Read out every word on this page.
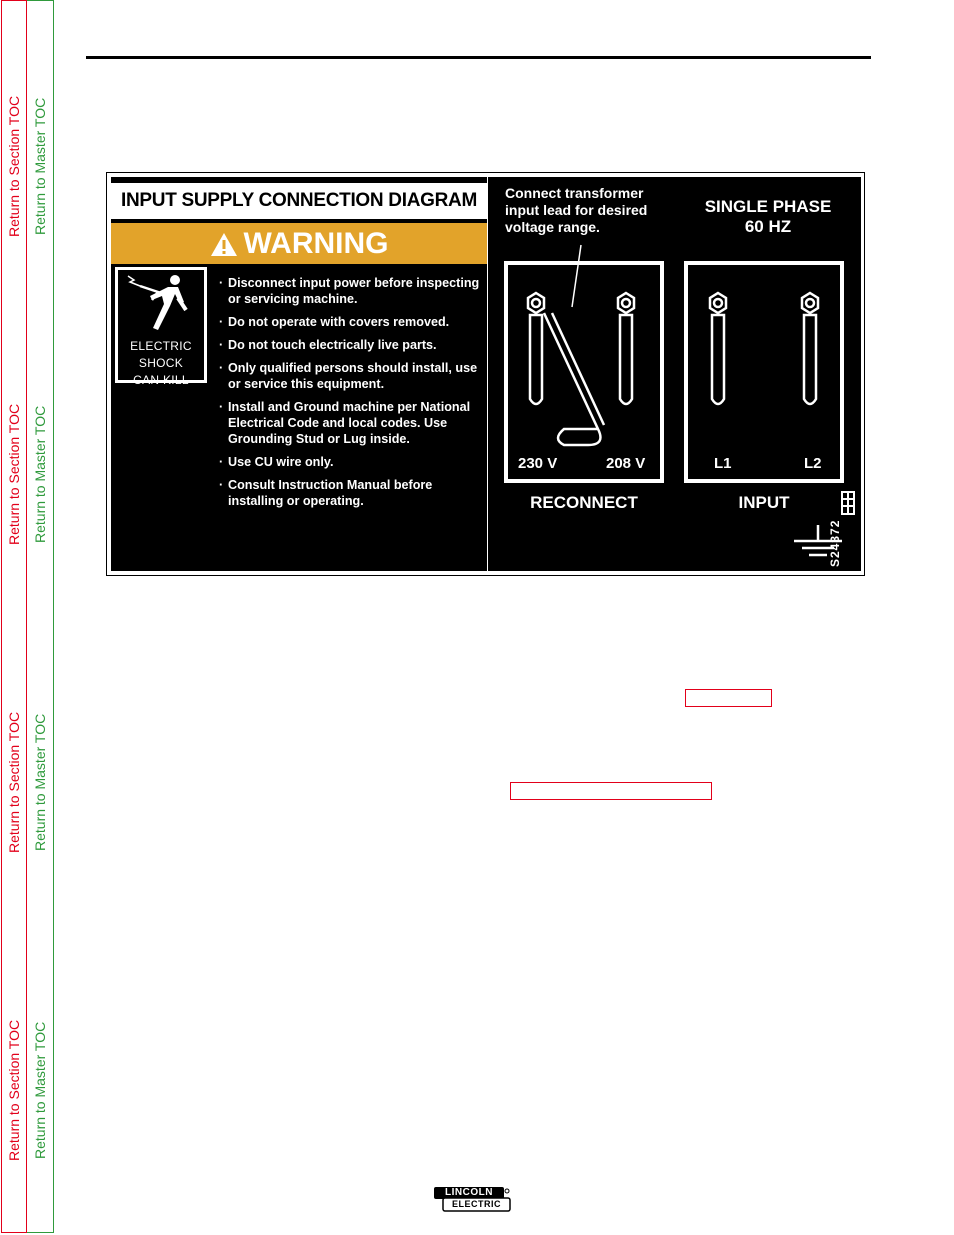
Return to Section TOC Return to Master TOC
Return to Section TOC Return to Master TOC
Return to Section TOC Return to Master TOC
Return to Section TOC Return to Master TOC
INPUT SUPPLY CONNECTION DIAGRAM
WARNING
ELECTRIC
SHOCK
CAN KILL
· Disconnect input power before inspecting or servicing machine.
· Do not operate with covers removed.
· Do not touch electrically live parts.
· Only qualified persons should install, use or service this equipment.
· Install and Ground machine per National Electrical Code and local codes. Use Grounding Stud or Lug inside.
· Use CU wire only.
· Consult Instruction Manual before installing or operating.
Connect transformer input lead for desired voltage range.
SINGLE PHASE
60 HZ
230 V	208 V	L1	L2
RECONNECT	INPUT
S24372
LINCOLN
ELECTRIC
